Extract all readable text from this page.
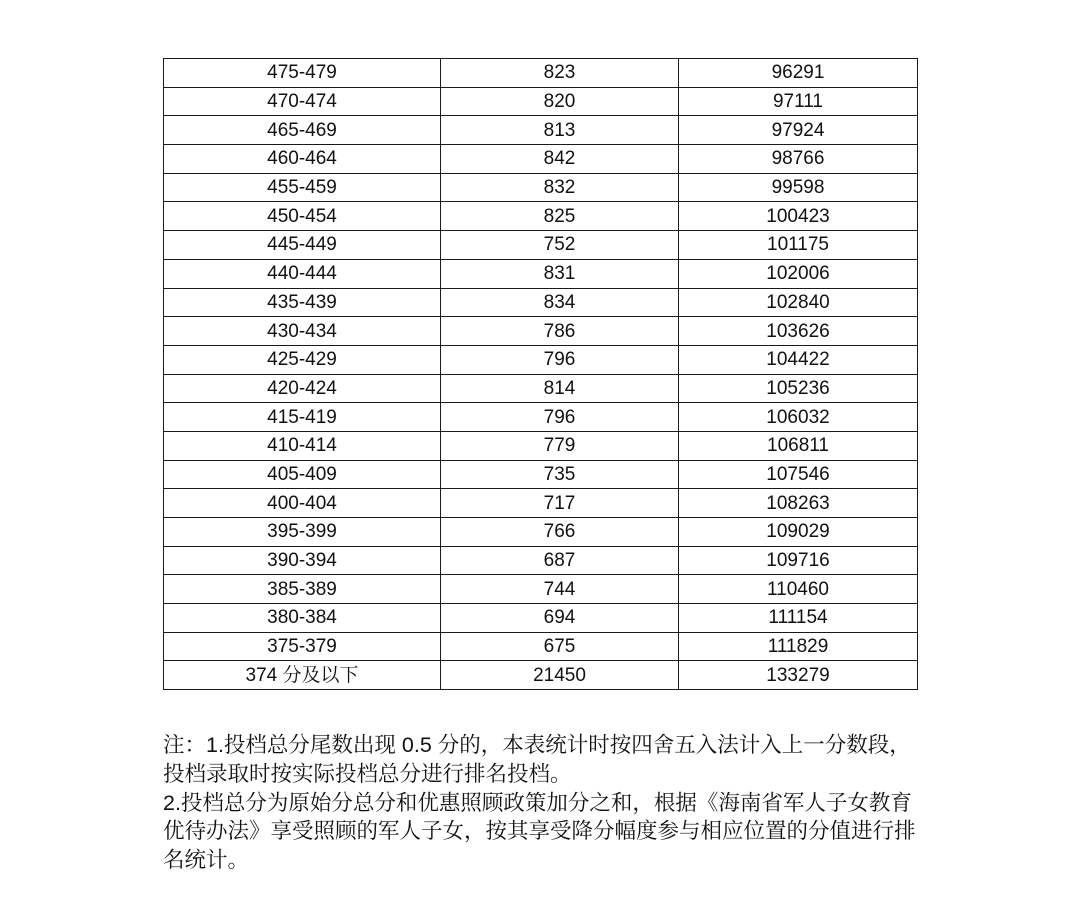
475-479	823	96291
470-474	820	97111
465-469	813	97924
460-464	842	98766
455-459	832	99598
450-454	825	100423
445-449	752	101175
440-444	831	102006
435-439	834	102840
430-434	786	103626
425-429	796	104422
420-424	814	105236
415-419	796	106032
410-414	779	106811
405-409	735	107546
400-404	717	108263
395-399	766	109029
390-394	687	109716
385-389	744	110460
380-384	694	111154
375-379	675	111829
374 分及以下	21450	133279
注：1.投档总分尾数出现 0.5 分的，本表统计时按四舍五入法计入上一分数段，
投档录取时按实际投档总分进行排名投档。
2.投档总分为原始分总分和优惠照顾政策加分之和，根据《海南省军人子女教育
优待办法》享受照顾的军人子女，按其享受降分幅度参与相应位置的分值进行排
名统计。
